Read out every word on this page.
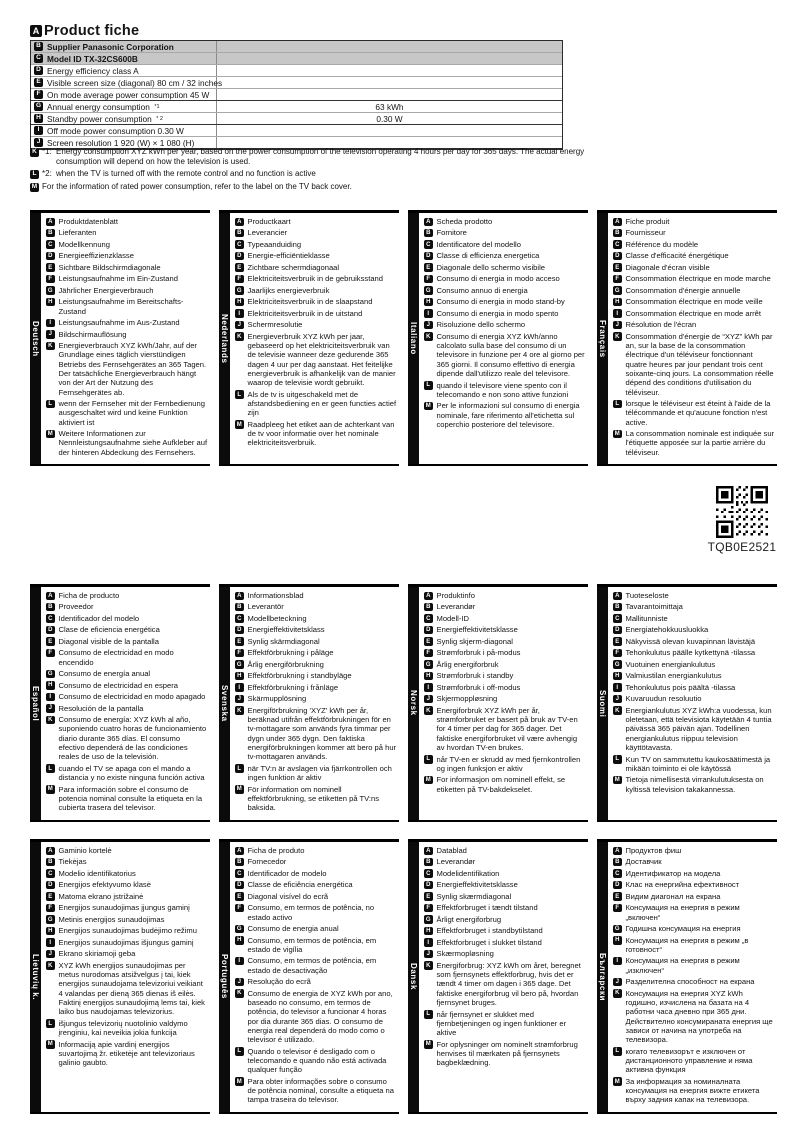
A Product fiche
B Supplier Panasonic Corporation
C Model ID TX-32CS600B
D Energy efficiency class A
E Visible screen size (diagonal) 80 cm / 32 inches
F On mode average power consumption 45 W
G Annual energy consumption *1	63 kWh
H Standby power consumption * 2	0.30 W
I Off mode power consumption 0.30 W
J Screen resolution 1 920 (W) × 1 080 (H)
K *1: Energy consumption XYZ kWh per year, based on the power consumption of the television operating 4 hours per day for 365 days. The actual energy consumption will depend on how the television is used.
L *2: when the TV is turned off with the remote control and no function is active
M For the information of rated power consumption, refer to the label on the TV back cover.
Deutsch
A Produktdatenblatt
B Lieferanten
C Modellkennung
D Energieeffizienzklasse
E Sichtbare Bildschirmdiagonale
F Leistungsaufnahme im Ein-Zustand
G Jährlicher Energieverbrauch
H Leistungsaufnahme im Bereitschafts-Zustand
I Leistungsaufnahme im Aus-Zustand
J Bildschirmauflösung
K Energieverbrauch XYZ kWh/Jahr, auf der Grundlage eines täglich vierstündigen Betriebs des Fernsehgerätes an 365 Tagen. Der tatsächliche Energieverbrauch hängt von der Art der Nutzung des Fernsehgerätes ab.
L wenn der Fernseher mit der Fernbedienung ausgeschaltet wird und keine Funktion aktiviert ist
M Weitere Informationen zur Nennleistungsaufnahme siehe Aufkleber auf der hinteren Abdeckung des Fernsehers.
Nederlands
A Productkaart
B Leverancier
C Typeaanduiding
D Energie-efficiëntieklasse
E Zichtbare schermdiagonaal
F Elektriciteitsverbruik in de gebruiksstand
G Jaarlijks energieverbruik
H Elektriciteitsverbruik in de slaapstand
I Elektriciteitsverbruik in de uitstand
J Schermresolutie
K Energieverbruik XYZ kWh per jaar, gebaseerd op het elektriciteitsverbruik van de televisie wanneer deze gedurende 365 dagen 4 uur per dag aanstaat. Het feitelijke energieverbruik is afhankelijk van de manier waarop de televisie wordt gebruikt.
L Als de tv is uitgeschakeld met de afstandsbediening en er geen functies actief zijn
M Raadpleeg het etiket aan de achterkant van de tv voor informatie over het nominale elektriciteitsverbruik.
Italiano
A Scheda prodotto
B Fornitore
C Identificatore del modello
D Classe di efficienza energetica
E Diagonale dello schermo visibile
F Consumo di energia in modo acceso
G Consumo annuo di energia
H Consumo di energia in modo stand-by
I Consumo di energia in modo spento
J Risoluzione dello schermo
K Consumo di energia XYZ kWh/anno calcolato sulla base del consumo di un televisore in funzione per 4 ore al giorno per 365 giorni. Il consumo effettivo di energia dipende dall'utilizzo reale del televisore.
L quando il televisore viene spento con il telecomando e non sono attive funzioni
M Per le informazioni sul consumo di energia nominale, fare riferimento all'etichetta sul coperchio posteriore del televisore.
Français
A Fiche produit
B Fournisseur
C Référence du modèle
D Classe d'efficacité énergétique
E Diagonale d'écran visible
F Consommation électrique en mode marche
G Consommation d'énergie annuelle
H Consommation électrique en mode veille
I Consommation électrique en mode arrêt
J Résolution de l'écran
K Consommation d'énergie de “XYZ” kWh par an, sur la base de la consommation électrique d'un téléviseur fonctionnant quatre heures par jour pendant trois cent soixante-cinq jours. La consommation réelle dépend des conditions d'utilisation du téléviseur.
L lorsque le téléviseur est éteint à l'aide de la télécommande et qu'aucune fonction n'est active.
M La consommation nominale est indiquée sur l'étiquette apposée sur la partie arrière du téléviseur.
Español
A Ficha de producto
B Proveedor
C Identificador del modelo
D Clase de eficiencia energética
E Diagonal visible de la pantalla
F Consumo de electricidad en modo encendido
G Consumo de energía anual
H Consumo de electricidad en espera
I Consumo de electricidad en modo apagado
J Resolución de la pantalla
K Consumo de energía: XYZ kWh al año, suponiendo cuatro horas de funcionamiento diario durante 365 días. El consumo efectivo dependerá de las condiciones reales de uso de la televisión.
L cuando el TV se apaga con el mando a distancia y no existe ninguna función activa
M Para información sobre el consumo de potencia nominal consulte la etiqueta en la cubierta trasera del televisor.
Svenska
A Informationsblad
B Leverantör
C Modellbeteckning
D Energieffektivitetsklass
E Synlig skärmdiagonal
F Effektförbrukning i påläge
G Årlig energiförbrukning
H Effektförbrukning i standbyläge
I Effektförbrukning i frånläge
J Skärmupplösning
K Energiförbrukning 'XYZ' kWh per år, beräknad utifrån effektförbrukningen för en tv-mottagare som används fyra timmar per dygn under 365 dygn. Den faktiska energiförbrukningen kommer att bero på hur tv-mottagaren används.
L när TV:n är avslagen via fjärrkontrollen och ingen funktion är aktiv
M För information om nominell effektförbrukning, se etiketten på TV:ns baksida.
Norsk
A Produktinfo
B Leverandør
C Modell-ID
D Energieffektivitetsklasse
E Synlig skjerm-diagonal
F Strømforbruk i på-modus
G Årlig energiforbruk
H Strømforbruk i standby
I Strømforbruk i off-modus
J Skjermoppløsning
K Energiforbruk XYZ kWh per år, strømforbruket er basert på bruk av TV-en for 4 timer per dag for 365 dager. Det faktiske energiforbruket vil være avhengig av hvordan TV-en brukes.
L når TV-en er skrudd av med fjernkontrollen og ingen funksjon er aktiv
M For informasjon om nominell effekt, se etiketten på TV-bakdekselet.
Suomi
A Tuoteseloste
B Tavarantoimittaja
C Mallitunniste
D Energiatehokkuusluokka
E Näkyvissä olevan kuvapinnan lävistäjä
F Tehonkulutus päälle kytkettynä -tilassa
G Vuotuinen energiankulutus
H Valmiustilan energiankulutus
I Tehonkulutus pois päältä -tilassa
J Kuvaruudun resoluutio
K Energiankulutus XYZ kWh:a vuodessa, kun oletetaan, että televisiota käytetään 4 tuntia päivässä 365 päivän ajan. Todellinen energiankulutus riippuu television käyttötavasta.
L Kun TV on sammutettu kaukosäätimestä ja mikään toiminto ei ole käytössä
M Tietoja nimellisestä virrankulutuksesta on kyltissä television takakannessa.
Lietuvių k.
A Gaminio kortelė
B Tiekėjas
C Modelio identifikatorius
D Energijos efektyvumo klasė
E Matoma ekrano įstrižainė
F Energijos sunaudojimas įjungus gaminį
G Metinis energijos sunaudojimas
H Energijos sunaudojimas budėjimo režimu
I Energijos sunaudojimas išjungus gaminį
J Ekrano skiriamoji geba
K XYZ kWh energijos sunaudojimas per metus nurodomas atsižvelgus į tai, kiek energijos sunaudojama televizoriui veikiant 4 valandas per dieną 365 dienas iš eilės. Faktinį energijos sunaudojimą lems tai, kiek laiko bus naudojamas televizorius.
L išjungus televizorių nuotolinio valdymo įrenginiu, kai neveikia jokia funkcija
M Informaciją apie vardinį energijos suvartojimą žr. etiketėje ant televizoriaus galinio gaubto.
Português
A Ficha de produto
B Fornecedor
C Identificador de modelo
D Classe de eficiência energética
E Diagonal visível do ecrã
F Consumo, em termos de potência, no estado activo
G Consumo de energia anual
H Consumo, em termos de potência, em estado de vigília
I Consumo, em termos de potência, em estado de desactivação
J Resolução do ecrã
K Consumo de energia de XYZ kWh por ano, baseado no consumo, em termos de potência, do televisor a funcionar 4 horas por dia durante 365 dias. O consumo de energia real dependerá do modo como o televisor é utilizado.
L Quando o televisor é desligado com o telecomando e quando não está activada qualquer função
M Para obter informações sobre o consumo de potência nominal, consulte a etiqueta na tampa traseira do televisor.
Dansk
A Datablad
B Leverandør
C Modelidentifikation
D Energieffektivitetsklasse
E Synlig skærmdiagonal
F Effektforbruget i tændt tilstand
G Årligt energiforbrug
H Effektforbruget i standbytilstand
I Effektforbruget i slukket tilstand
J Skærmopløsning
K Energiforbrug: XYZ kWh om året, beregnet som fjernsynets effektforbrug, hvis det er tændt 4 timer om dagen i 365 dage. Det faktiske energiforbrug vil bero på, hvordan fjernsynet bruges.
L når fjernsynet er slukket med fjernbetjeningen og ingen funktioner er aktive
M For oplysninger om nominelt strømforbrug henvises til mærkaten på fjernsynets bagbeklædning.
Български
A Продуктов фиш
B Доставчик
C Идентификатор на модела
D Клас на енергийна ефективност
E Видим диагонал на екрана
F Консумация на енергия в режим „включен“
G Годишна консумация на енергия
H Консумация на енергия в режим „в готовност“
I Консумация на енергия в режим „изключен“
J Разделителна способност на екрана
K Консумация на енергия XYZ kWh годишно, изчислена на базата на 4 работни часа дневно при 365 дни. Действително консумираната енергия ще зависи от начина на употреба на телевизора.
L когато телевизорът е изключен от дистанционното управление и няма активна функция
M За информация за номиналната консумация на енергия вижте етикета върху задния капак на телевизора.
TQB0E2521
